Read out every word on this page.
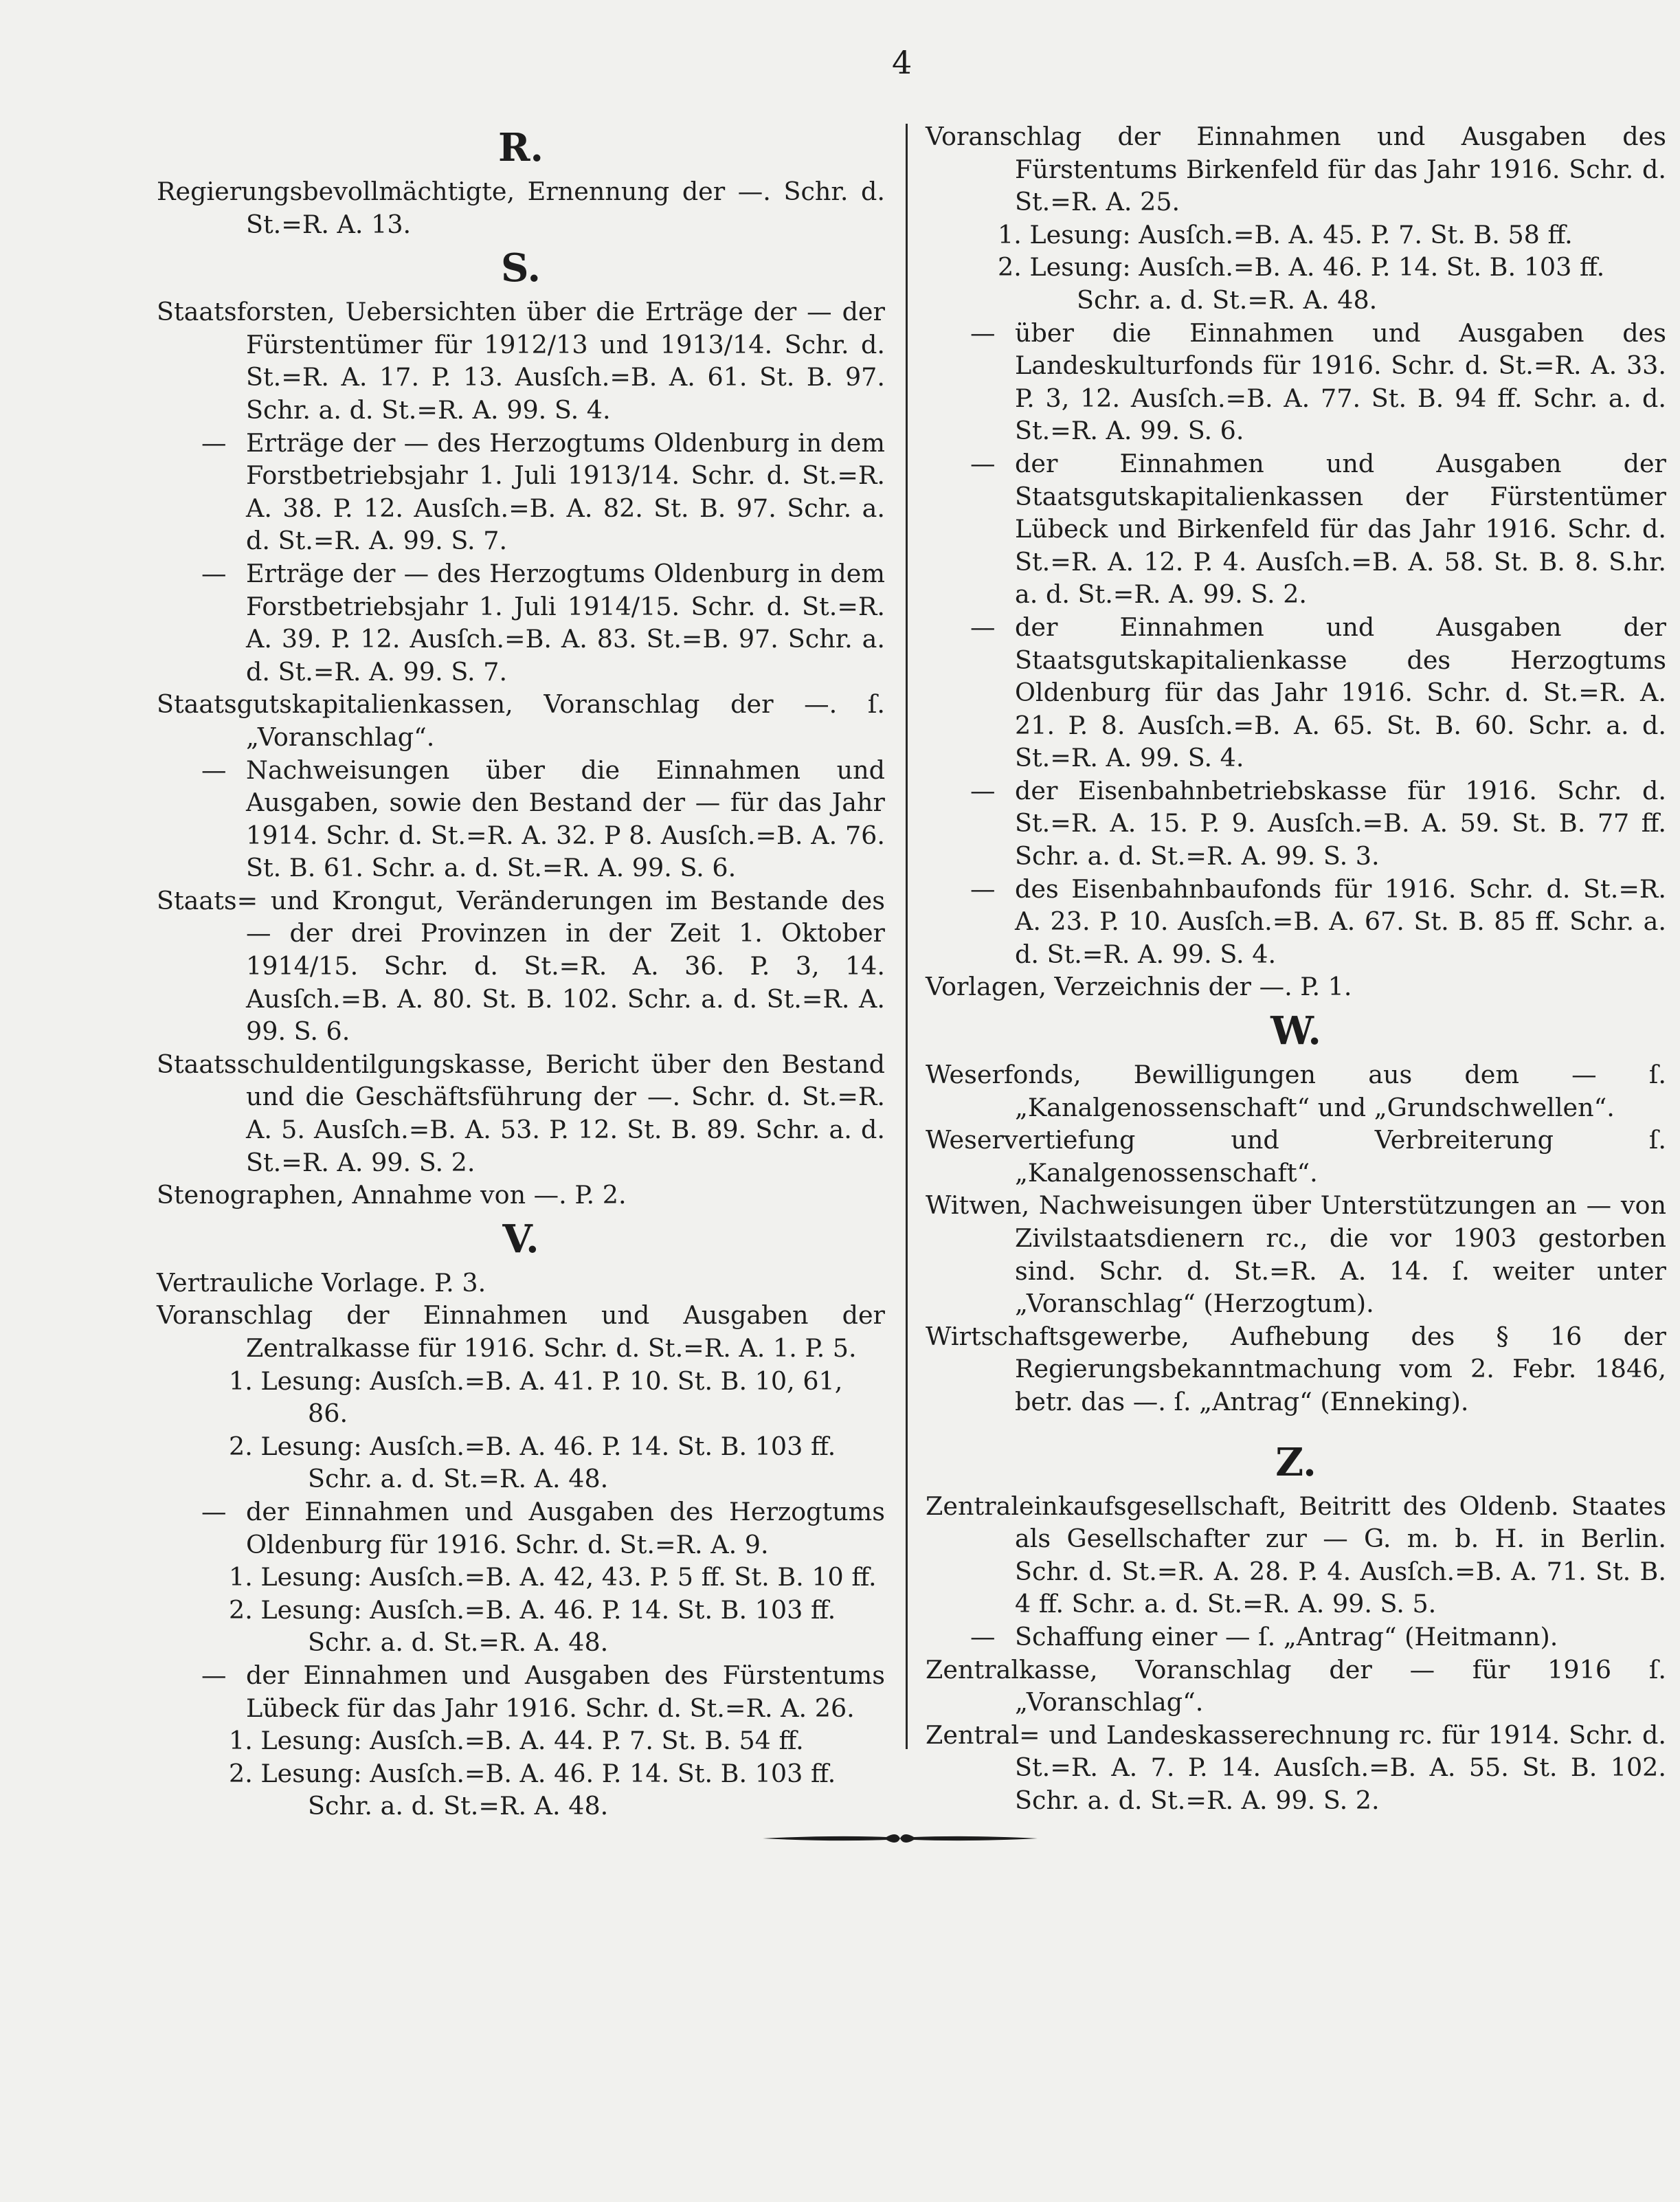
4
R.
Regierungsbevollmächtigte, Ernennung der —. Schr. d. St.=R. A. 13.
S.
Staatsforsten, Uebersichten über die Erträge der — der Fürstentümer für 1912/13 und 1913/14. Schr. d. St.=R. A. 17. P. 13. Ausſch.=B. A. 61. St. B. 97. Schr. a. d. St.=R. A. 99. S. 4.
— Erträge der — des Herzogtums Oldenburg in dem Forstbetriebsjahr 1. Juli 1913/14. Schr. d. St.=R. A. 38. P. 12. Ausſch.=B. A. 82. St. B. 97. Schr. a. d. St.=R. A. 99. S. 7.
— Erträge der — des Herzogtums Oldenburg in dem Forstbetriebsjahr 1. Juli 1914/15. Schr. d. St.=R. A. 39. P. 12. Ausſch.=B. A. 83. St.=B. 97. Schr. a. d. St.=R. A. 99. S. 7.
Staatsgutskapitalienkassen, Voranschlag der —. ſ. „Voranschlag“.
— Nachweisungen über die Einnahmen und Ausgaben, sowie den Bestand der — für das Jahr 1914. Schr. d. St.=R. A. 32. P 8. Ausſch.=B. A. 76. St. B. 61. Schr. a. d. St.=R. A. 99. S. 6.
Staats= und Krongut, Veränderungen im Bestande des — der drei Provinzen in der Zeit 1. Oktober 1914/15. Schr. d. St.=R. A. 36. P. 3, 14. Ausſch.=B. A. 80. St. B. 102. Schr. a. d. St.=R. A. 99. S. 6.
Staatsschuldentilgungskasse, Bericht über den Bestand und die Geschäftsführung der —. Schr. d. St.=R. A. 5. Ausſch.=B. A. 53. P. 12. St. B. 89. Schr. a. d. St.=R. A. 99. S. 2.
Stenographen, Annahme von —. P. 2.
V.
Vertrauliche Vorlage. P. 3.
Voranschlag der Einnahmen und Ausgaben der Zentralkasse für 1916. Schr. d. St.=R. A. 1. P. 5.
1. Lesung: Ausſch.=B. A. 41. P. 10. St. B. 10, 61, 86.
2. Lesung: Ausſch.=B. A. 46. P. 14. St. B. 103 ff.
Schr. a. d. St.=R. A. 48.
— der Einnahmen und Ausgaben des Herzogtums Oldenburg für 1916. Schr. d. St.=R. A. 9.
1. Lesung: Ausſch.=B. A. 42, 43. P. 5 ff. St. B. 10 ff.
2. Lesung: Ausſch.=B. A. 46. P. 14. St. B. 103 ff.
Schr. a. d. St.=R. A. 48.
— der Einnahmen und Ausgaben des Fürstentums Lübeck für das Jahr 1916. Schr. d. St.=R. A. 26.
1. Lesung: Ausſch.=B. A. 44. P. 7. St. B. 54 ff.
2. Lesung: Ausſch.=B. A. 46. P. 14. St. B. 103 ff.
Schr. a. d. St.=R. A. 48.
Voranschlag der Einnahmen und Ausgaben des Fürstentums Birkenfeld für das Jahr 1916. Schr. d. St.=R. A. 25.
1. Lesung: Ausſch.=B. A. 45. P. 7. St. B. 58 ff.
2. Lesung: Ausſch.=B. A. 46. P. 14. St. B. 103 ff.
Schr. a. d. St.=R. A. 48.
— über die Einnahmen und Ausgaben des Landeskulturfonds für 1916. Schr. d. St.=R. A. 33. P. 3, 12. Ausſch.=B. A. 77. St. B. 94 ff. Schr. a. d. St.=R. A. 99. S. 6.
— der Einnahmen und Ausgaben der Staatsgutskapitalienkassen der Fürstentümer Lübeck und Birkenfeld für das Jahr 1916. Schr. d. St.=R. A. 12. P. 4. Ausſch.=B. A. 58. St. B. 8. S.hr. a. d. St.=R. A. 99. S. 2.
— der Einnahmen und Ausgaben der Staatsgutskapitalienkasse des Herzogtums Oldenburg für das Jahr 1916. Schr. d. St.=R. A. 21. P. 8. Ausſch.=B. A. 65. St. B. 60. Schr. a. d. St.=R. A. 99. S. 4.
— der Eisenbahnbetriebskasse für 1916. Schr. d. St.=R. A. 15. P. 9. Ausſch.=B. A. 59. St. B. 77 ff. Schr. a. d. St.=R. A. 99. S. 3.
— des Eisenbahnbaufonds für 1916. Schr. d. St.=R. A. 23. P. 10. Ausſch.=B. A. 67. St. B. 85 ff. Schr. a. d. St.=R. A. 99. S. 4.
Vorlagen, Verzeichnis der —. P. 1.
W.
Weserfonds, Bewilligungen aus dem — ſ. „Kanalgenossenschaft“ und „Grundschwellen“.
Weservertiefung und Verbreiterung ſ. „Kanalgenossenschaft“.
Witwen, Nachweisungen über Unterstützungen an — von Zivilstaatsdienern rc., die vor 1903 gestorben sind. Schr. d. St.=R. A. 14. ſ. weiter unter „Voranschlag“ (Herzogtum).
Wirtschaftsgewerbe, Aufhebung des § 16 der Regierungsbekanntmachung vom 2. Febr. 1846, betr. das —. ſ. „Antrag“ (Enneking).
Z.
Zentraleinkaufsgesellschaft, Beitritt des Oldenb. Staates als Gesellschafter zur — G. m. b. H. in Berlin. Schr. d. St.=R. A. 28. P. 4. Ausſch.=B. A. 71. St. B. 4 ff. Schr. a. d. St.=R. A. 99. S. 5.
— Schaffung einer — ſ. „Antrag“ (Heitmann).
Zentralkasse, Voranschlag der — für 1916 ſ. „Voranschlag“.
Zentral= und Landeskasserechnung rc. für 1914. Schr. d. St.=R. A. 7. P. 14. Ausſch.=B. A. 55. St. B. 102. Schr. a. d. St.=R. A. 99. S. 2.
